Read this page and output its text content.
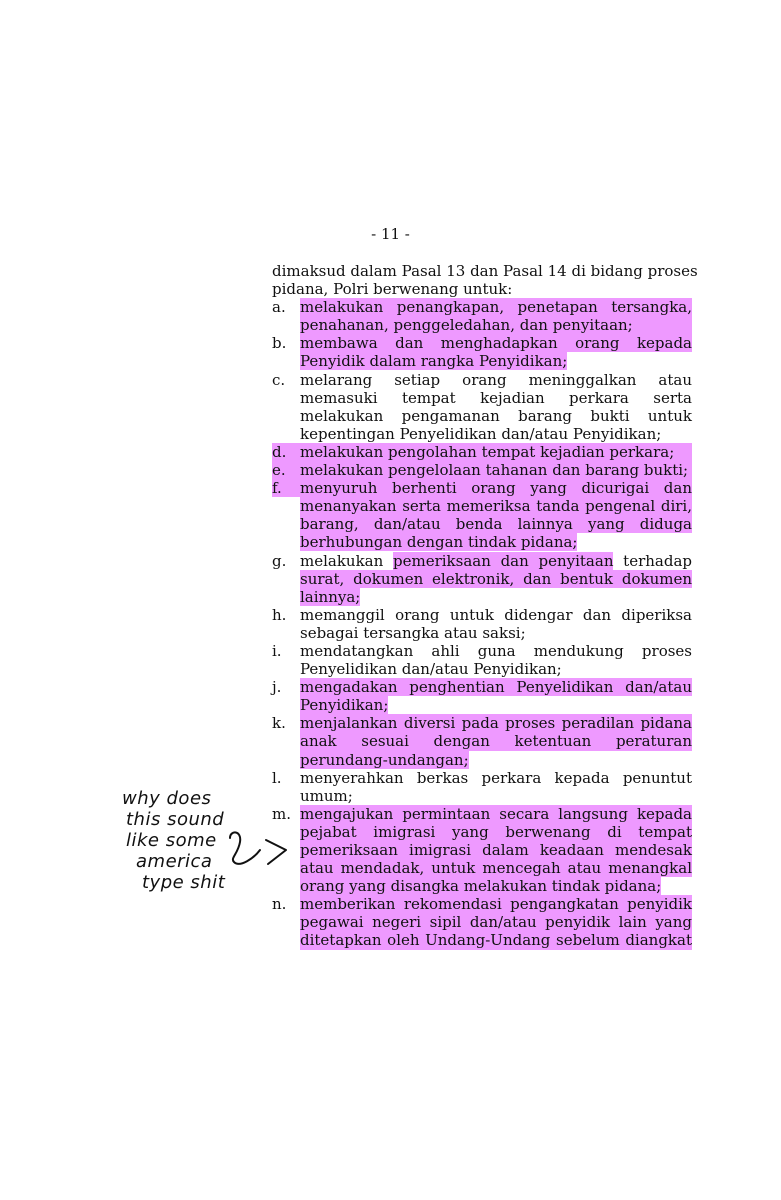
- 11 -

dimaksud dalam Pasal 13 dan Pasal 14 di bidang proses
pidana, Polri berwenang untuk:

a. melakukan penangkapan, penetapan tersangka,
penahanan, penggeledahan, dan penyitaan;
b. membawa dan menghadapkan orang kepada
Penyidik dalam rangka Penyidikan;
c. melarang setiap orang meninggalkan atau
memasuki tempat kejadian perkara serta
melakukan pengamanan barang bukti untuk
kepentingan Penyelidikan dan/atau Penyidikan;
d. melakukan pengolahan tempat kejadian perkara;
e. melakukan pengelolaan tahanan dan barang bukti;
f.	menyuruh berhenti orang yang dicurigai dan
menanyakan serta memeriksa tanda pengenal diri,
barang, dan/atau benda lainnya yang diduga
berhubungan dengan tindak pidana;
g. melakukan pemeriksaan dan penyitaan terhadap
surat, dokumen elektronik, dan bentuk dokumen
lainnya;
h. memanggil orang untuk didengar dan diperiksa
sebagai tersangka atau saksi;
i.	mendatangkan ahli guna mendukung proses
Penyelidikan dan/atau Penyidikan;
j.	mengadakan penghentian Penyelidikan dan/atau
Penyidikan;
k. menjalankan diversi pada proses peradilan pidana
anak sesuai dengan ketentuan peraturan
perundang-undangan;
l.	menyerahkan berkas perkara kepada penuntut
umum;
m. mengajukan permintaan secara langsung kepada
pejabat imigrasi yang berwenang di tempat
pemeriksaan imigrasi dalam keadaan mendesak
atau mendadak, untuk mencegah atau menangkal
orang yang disangka melakukan tindak pidana;
n. memberikan rekomendasi pengangkatan penyidik
pegawai negeri sipil dan/atau penyidik lain yang
ditetapkan oleh Undang-Undang sebelum diangkat
why does
this sound
like some
america
type shit
